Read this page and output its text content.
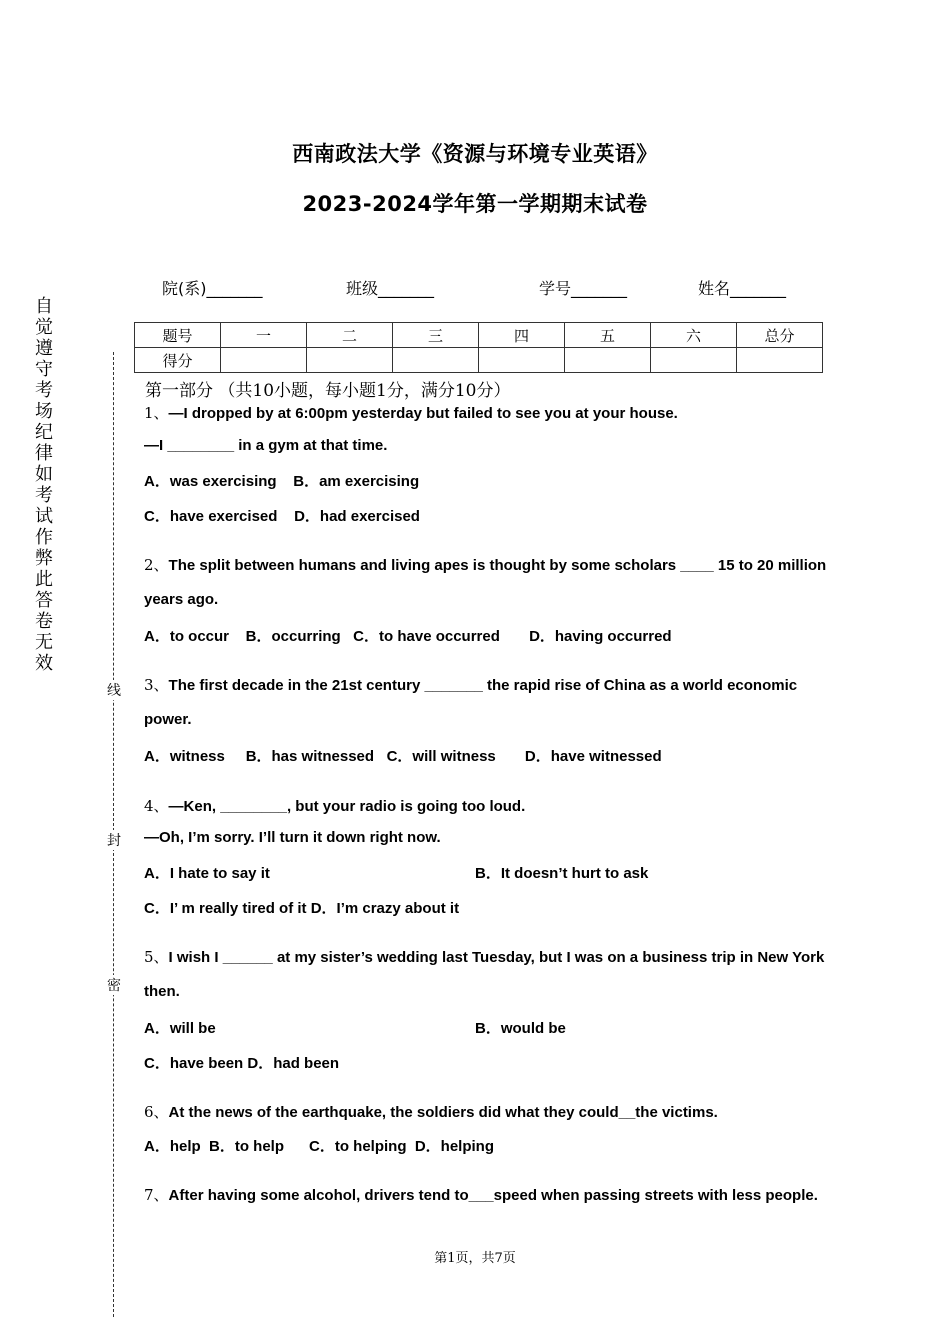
西南政法大学《资源与环境专业英语》
2023-2024学年第一学期期末试卷
院(系)_______	班级_______	学号_______	姓名_______
题号	一	二	三	四	五	六	总分
得分							
自觉遵守考场纪律如考试作弊此答卷无效
线
封
密
第一部分 （共10小题，每小题1分，满分10分）
1、—I dropped by at 6:00pm yesterday but failed to see you at your house.
—I ________ in a gym at that time.
A．was exercising    B．am exercising
C．have exercised    D．had exercised
2、The split between humans and living apes is thought by some scholars ____ 15 to 20 million
years ago.
A．to occur    B．occurring   C．to have occurred       D．having occurred
3、The first decade in the 21st century _______ the rapid rise of China as a world economic
power.
A．witness     B．has witnessed   C．will witness       D．have witnessed
4、—Ken, ________, but your radio is going too loud.
—Oh, I’m sorry. I’ll turn it down right now.
A．I hate to say it	B．It doesn’t hurt to ask
C．I’ m really tired of it D．I’m crazy about it
5、I wish I ______ at my sister’s wedding last Tuesday, but I was on a business trip in New York
then.
A．will be	B．would be
C．have been D．had been
6、At the news of the earthquake, the soldiers did what they could__the victims.
A．help  B．to help      C．to helping  D．helping
7、After having some alcohol, drivers tend to___speed when passing streets with less people.
第1页，共7页
